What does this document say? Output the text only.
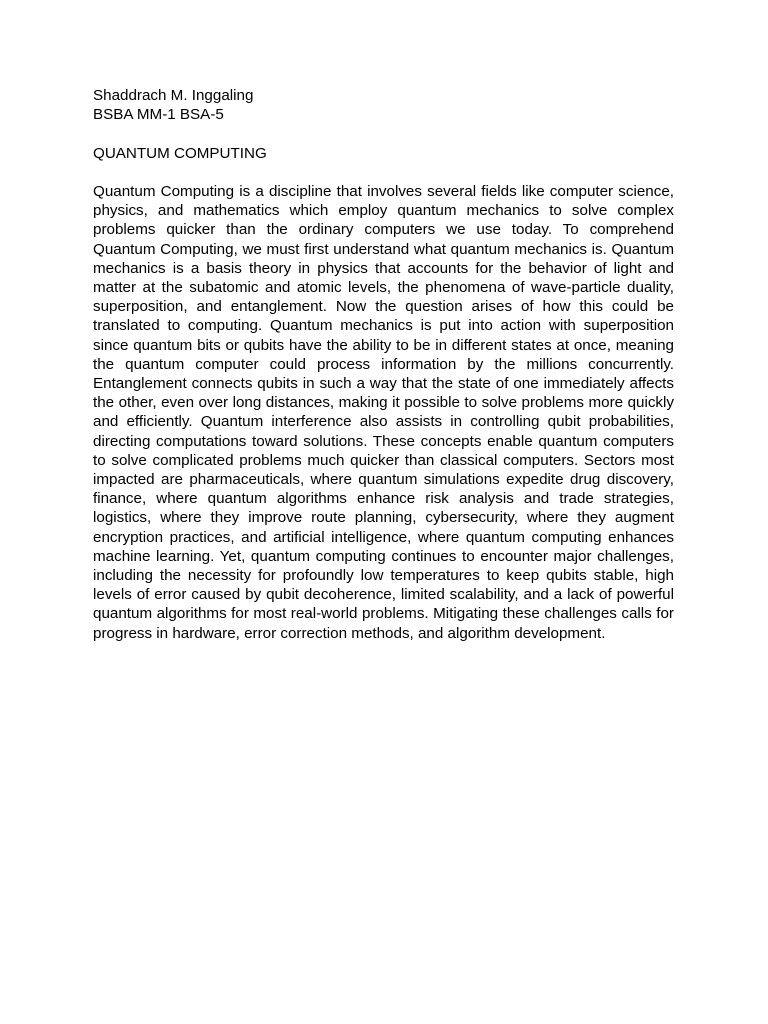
Shaddrach M. Inggaling

BSBA MM-1 BSA-5

QUANTUM COMPUTING

Quantum Computing is a discipline that involves several fields like computer science, physics, and mathematics which employ quantum mechanics to solve complex problems quicker than the ordinary computers we use today. To comprehend Quantum Computing, we must first understand what quantum mechanics is. Quantum mechanics is a basis theory in physics that accounts for the behavior of light and matter at the subatomic and atomic levels, the phenomena of wave-particle duality, superposition, and entanglement. Now the question arises of how this could be translated to computing. Quantum mechanics is put into action with superposition since quantum bits or qubits have the ability to be in different states at once, meaning the quantum computer could process information by the millions concurrently. Entanglement connects qubits in such a way that the state of one immediately affects the other, even over long distances, making it possible to solve problems more quickly and efficiently. Quantum interference also assists in controlling qubit probabilities, directing computations toward solutions. These concepts enable quantum computers to solve complicated problems much quicker than classical computers. Sectors most impacted are pharmaceuticals, where quantum simulations expedite drug discovery, finance, where quantum algorithms enhance risk analysis and trade strategies, logistics, where they improve route planning, cybersecurity, where they augment encryption practices, and artificial intelligence, where quantum computing enhances machine learning. Yet, quantum computing continues to encounter major challenges, including the necessity for profoundly low temperatures to keep qubits stable, high levels of error caused by qubit decoherence, limited scalability, and a lack of powerful quantum algorithms for most real-world problems. Mitigating these challenges calls for progress in hardware, error correction methods, and algorithm development.
